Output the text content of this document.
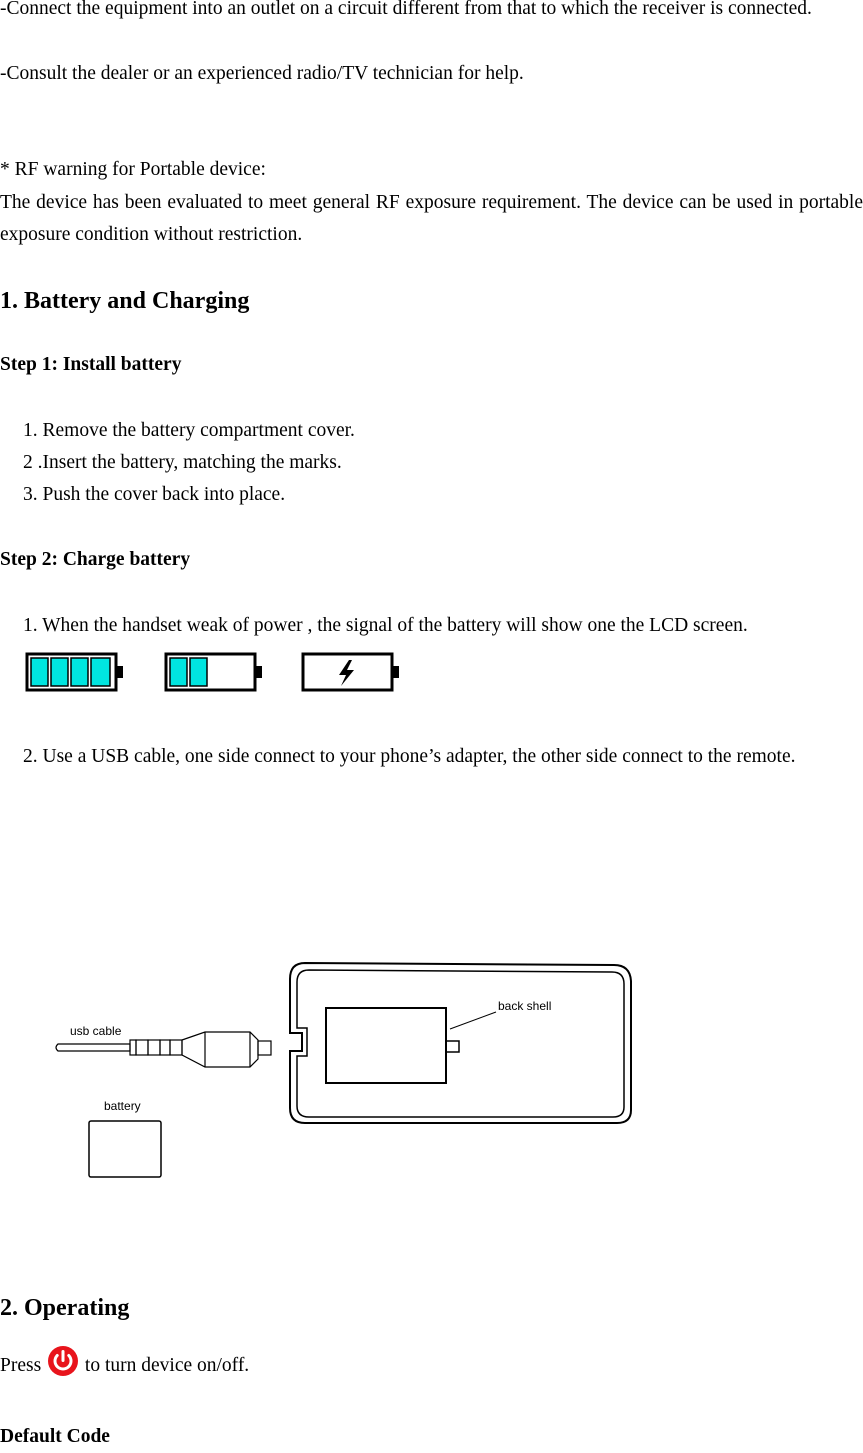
-Connect the equipment into an outlet on a circuit different from that to which the receiver is connected.

-Consult the dealer or an experienced radio/TV technician for help.

* RF warning for Portable device:

The device has been evaluated to meet general RF exposure requirement. The device can be used in portable exposure condition without restriction.

1. Battery and Charging
Step 1: Install battery
1. Remove the battery compartment cover.
2 .Insert the battery, matching the marks.
3. Push the cover back into place.
Step 2: Charge battery

1. When the handset weak of power , the signal of the battery will show one the LCD screen.

2. Use a USB cable, one side connect to your phone’s adapter, the other side connect to the remote.

back shell
usb cable
battery
2. Operating
Press to turn device on/off.
Default Code
